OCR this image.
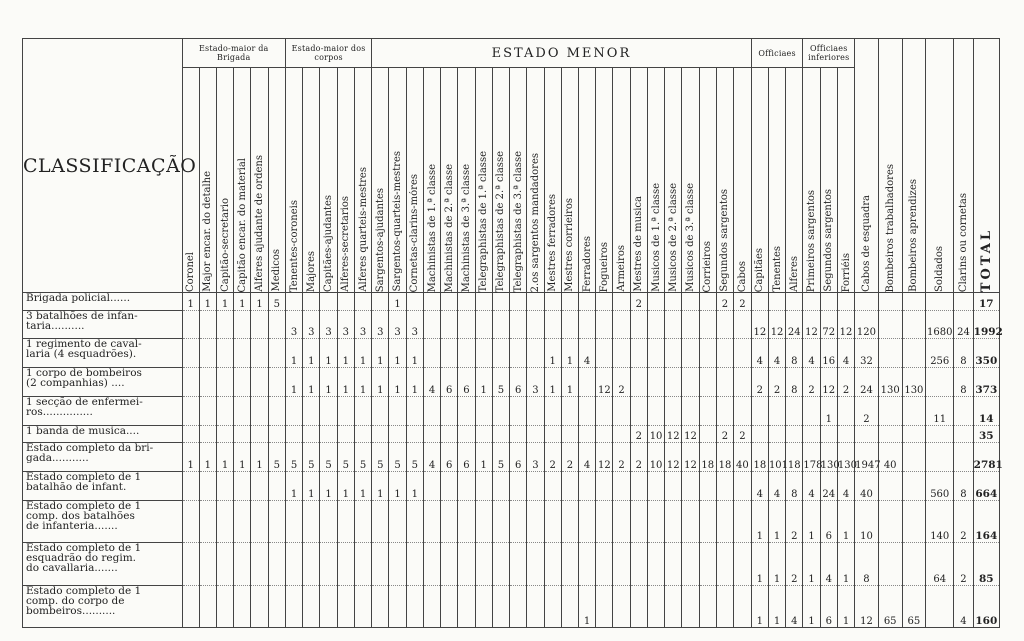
CLASSIFICAÇÃO	Estado-maior da Brigada						Estado-maior dos corpos					ESTADO MENOR																						Officiaes			Officiaes inferiores			Cabos de esquadra	Bombeiros trabalhadores	Bombeiros aprendizes	Soldados	Clarins ou cornetas	TOTAL

	Coronel	Major encar. do detalhe	Capitão-secretario	Capitão encar. do material	Alferes ajudante de ordens	Medicos	Tenentes-coroneis	Majores	Capitães-ajudantes	Alferes-secretarios	Alferes quarteis-mestres	Sargentos-ajudantes	Sargentos-quarteis-mestres	Cornetas-clarins-móres	Machinistas de 1.ª classe	Machinistas de 2.ª classe	Machinistas de 3.ª classe	Telegraphistas de 1.ª classe	Telegraphistas de 2.ª classe	Telegraphistas de 3.ª classe	2.os sargentos mandadores	Mestres ferradores	Mestres corrieiros	Ferradores	Fogueiros	Armeiros	Mestres de musica	Musicos de 1.ª classe	Musicos de 2.ª classe	Musicos de 3.ª classe	Corrieiros	Segundos sargentos	Cabos	Capitães	Tenentes	Alferes	Primeiros sargentos	Segundos sargentos	Forriéis						

Brigada policial......	1	1	1	1	1	5							1														2					2	2												17
3 batalhões de infan-
taria..........							3	3	3	3	3	3	3	3																				12	12	24	12	72	12	120			1680	24	1992
1 regimento de caval-
laria (4 esquadrões).							1	1	1	1	1	1	1	1								1	1	4										4	4	8	4	16	4	32			256	8	350
1 corpo de bombeiros
(2 companhias) ....							1	1	1	1	1	1	1	1	4	6	6	1	5	6	3	1	1		12	2								2	2	8	2	12	2	24	130	130		8	373
1 secção de enfermei-
ros...............																																						1		2			11		14
1 banda de musica....																											2	10	12	12		2	2												35
Estado completo da bri-
gada...........	1	1	1	1	1	5	5	5	5	5	5	5	5	5	4	6	6	1	5	6	3	2	2	4	12	2	2	10	12	12	18	18	40	18	101	18	178	130	130	1947	40				2781
Estado completo de 1
batalhão de infant.							1	1	1	1	1	1	1	1																				4	4	8	4	24	4	40			560	8	664
Estado completo de 1
comp. dos batalhões
de infanteria.......																																		1	1	2	1	6	1	10			140	2	164
Estado completo de 1
esquadrão do regim.
do cavallaria.......																																		1	1	2	1	4	1	8			64	2	85
Estado completo de 1
comp. do corpo de
bombeiros..........																								1										1	1	4	1	6	1	12	65	65		4	160
